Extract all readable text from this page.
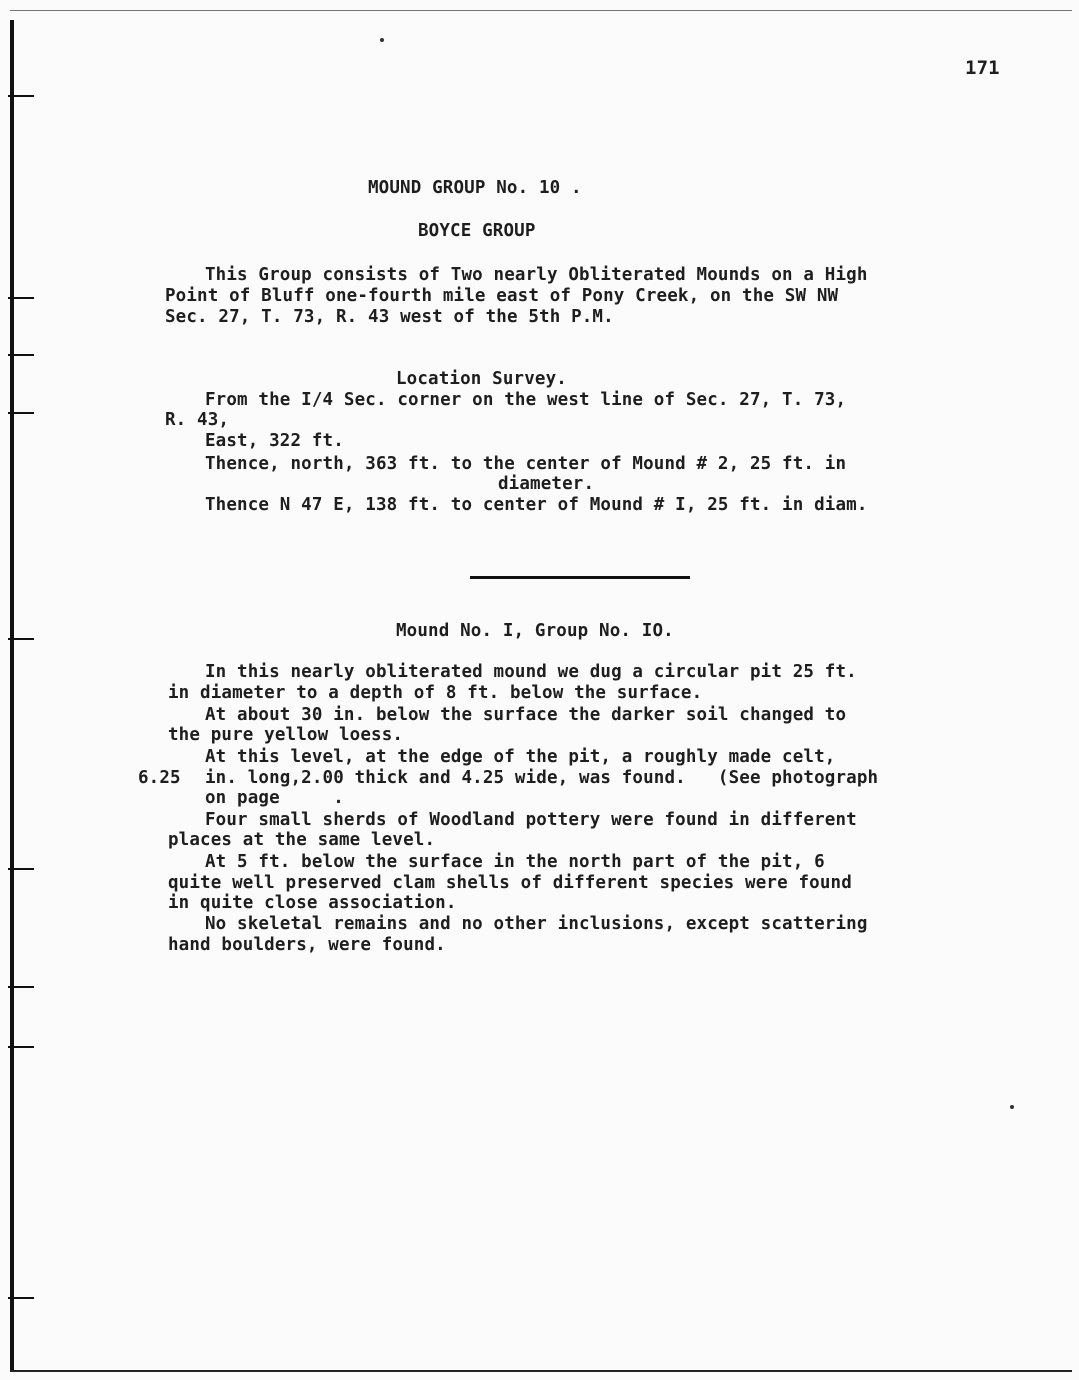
171
MOUND GROUP No. 10 .
BOYCE GROUP
This Group consists of Two nearly Obliterated Mounds on a High
Point of Bluff one-fourth mile east of Pony Creek, on the SW NW
Sec. 27, T. 73, R. 43 west of the 5th P.M.
Location Survey.
From the I/4 Sec. corner on the west line of Sec. 27, T. 73,
R. 43,
East, 322 ft.
Thence, north, 363 ft. to the center of Mound # 2, 25 ft. in
diameter.
Thence N 47 E, 138 ft. to center of Mound # I, 25 ft. in diam.
Mound No. I, Group No. IO.
In this nearly obliterated mound we dug a circular pit 25 ft.
in diameter to a depth of 8 ft. below the surface.
At about 30 in. below the surface the darker soil changed to
the pure yellow loess.
At this level, at the edge of the pit, a roughly made celt,
6.25 in. long,2.00 thick and 4.25 wide, was found.   (See photograph
on page     .
Four small sherds of Woodland pottery were found in different
places at the same level.
At 5 ft. below the surface in the north part of the pit, 6
quite well preserved clam shells of different species were found
in quite close association.
No skeletal remains and no other inclusions, except scattering
hand boulders, were found.
